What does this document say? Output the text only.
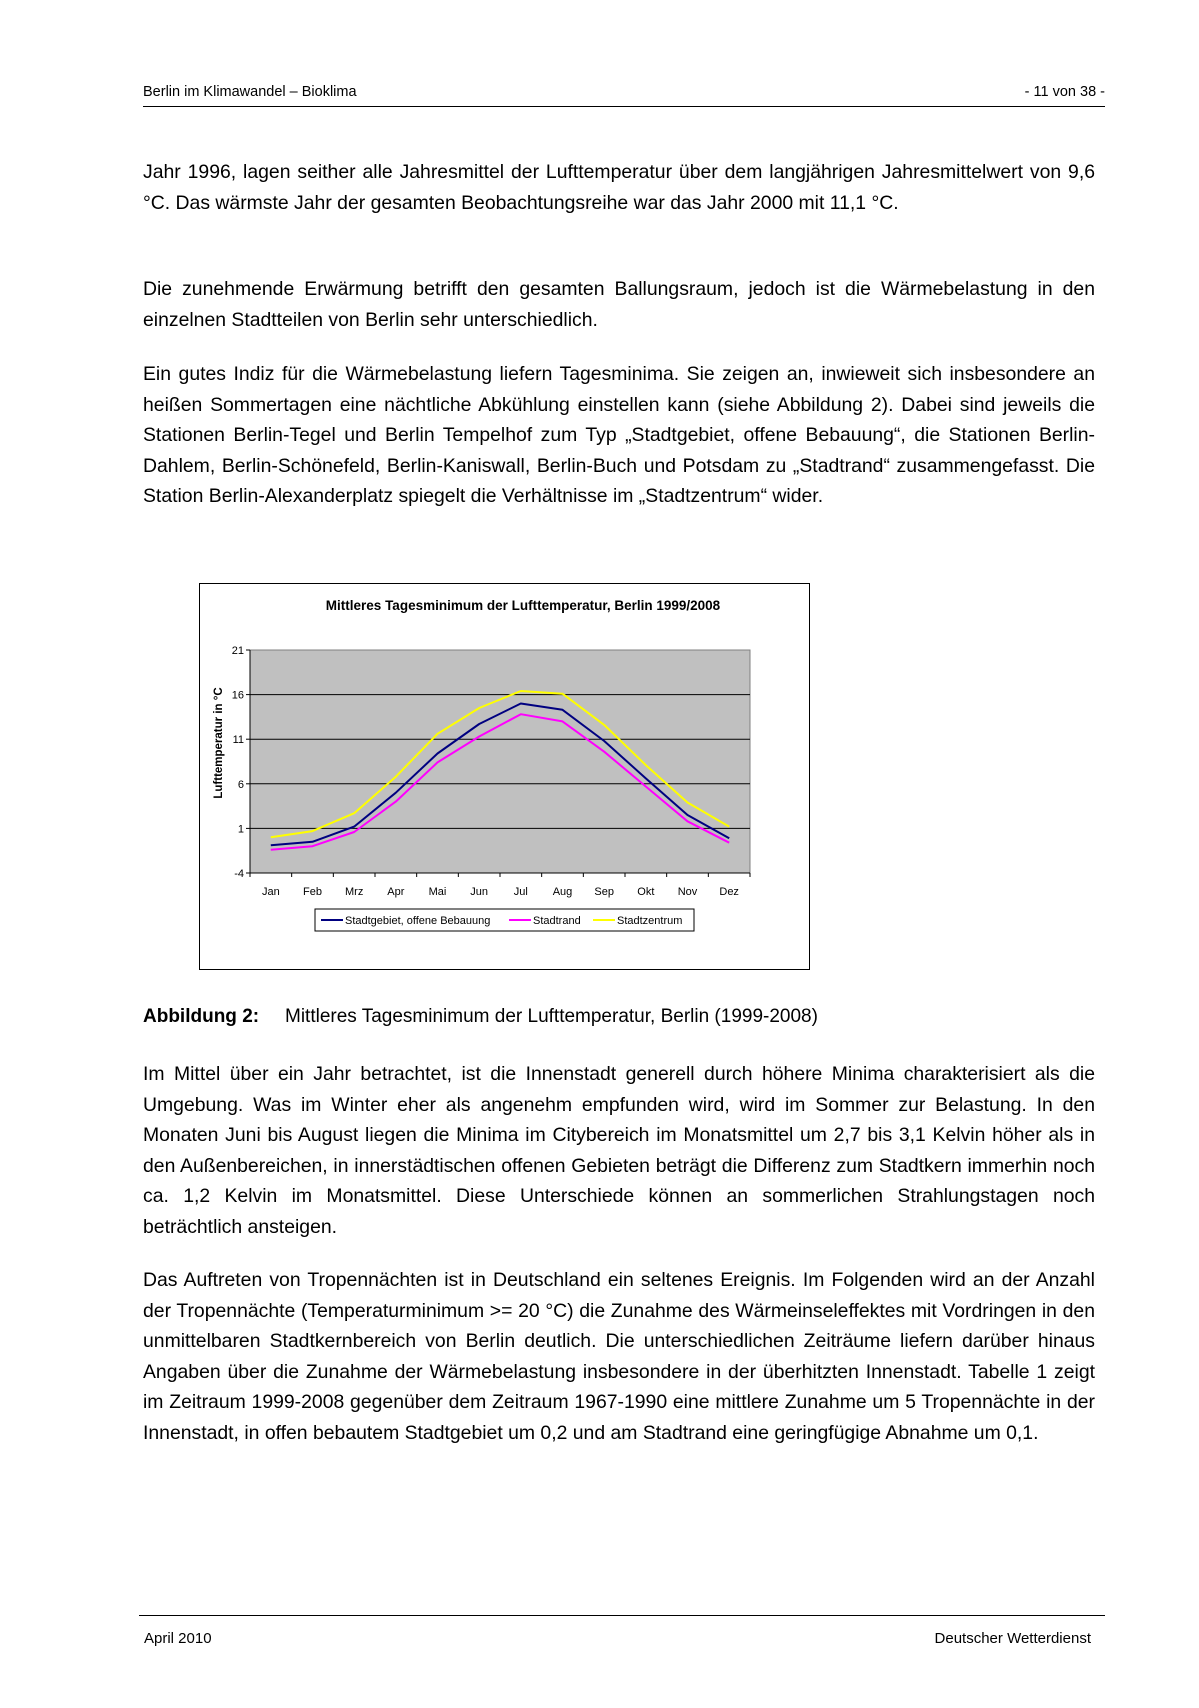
Berlin im Klimawandel – Bioklima	- 11 von 38 -

Jahr 1996, lagen seither alle Jahresmittel der Lufttemperatur über dem langjährigen Jahresmittelwert von 9,6 °C. Das wärmste Jahr der gesamten Beobachtungsreihe war das Jahr 2000 mit 11,1 °C.

Die zunehmende Erwärmung betrifft den gesamten Ballungsraum, jedoch ist die Wärmebelastung in den einzelnen Stadtteilen von Berlin sehr unterschiedlich.

Ein gutes Indiz für die Wärmebelastung liefern Tagesminima. Sie zeigen an, inwieweit sich insbesondere an heißen Sommertagen eine nächtliche Abkühlung einstellen kann (siehe Abbildung 2). Dabei sind jeweils die Stationen Berlin-Tegel und Berlin Tempelhof zum Typ „Stadtgebiet, offene Bebauung“, die Stationen Berlin-Dahlem, Berlin-Schönefeld, Berlin-Kaniswall, Berlin-Buch und Potsdam zu „Stadtrand“ zusammengefasst. Die Station Berlin-Alexanderplatz spiegelt die Verhältnisse im „Stadtzentrum“ wider.

Mittleres Tagesminimum der Lufttemperatur, Berlin 1999/2008
Lufttemperatur in °C
-4
1
6
11
16
21
Jan Feb Mrz Apr Mai Jun Jul Aug Sep Okt Nov Dez
Stadtgebiet, offene Bebauung	Stadtrand	Stadtzentrum
Abbildung 2: Mittleres Tagesminimum der Lufttemperatur, Berlin (1999-2008)

Im Mittel über ein Jahr betrachtet, ist die Innenstadt generell durch höhere Minima charakterisiert als die Umgebung. Was im Winter eher als angenehm empfunden wird, wird im Sommer zur Belastung. In den Monaten Juni bis August liegen die Minima im Citybereich im Monatsmittel um 2,7 bis 3,1 Kelvin höher als in den Außenbereichen, in innerstädtischen offenen Gebieten beträgt die Differenz zum Stadtkern immerhin noch ca. 1,2 Kelvin im Monatsmittel. Diese Unterschiede können an sommerlichen Strahlungstagen noch beträchtlich ansteigen.

Das Auftreten von Tropennächten ist in Deutschland ein seltenes Ereignis. Im Folgenden wird an der Anzahl der Tropennächte (Temperaturminimum >= 20 °C) die Zunahme des Wärmeinseleffektes mit Vordringen in den unmittelbaren Stadtkernbereich von Berlin deutlich. Die unterschiedlichen Zeiträume liefern darüber hinaus Angaben über die Zunahme der Wärmebelastung insbesondere in der überhitzten Innenstadt. Tabelle 1 zeigt im Zeitraum 1999-2008 gegenüber dem Zeitraum 1967-1990 eine mittlere Zunahme um 5 Tropennächte in der Innenstadt, in offen bebautem Stadtgebiet um 0,2 und am Stadtrand eine geringfügige Abnahme um 0,1.

April 2010	Deutscher Wetterdienst
